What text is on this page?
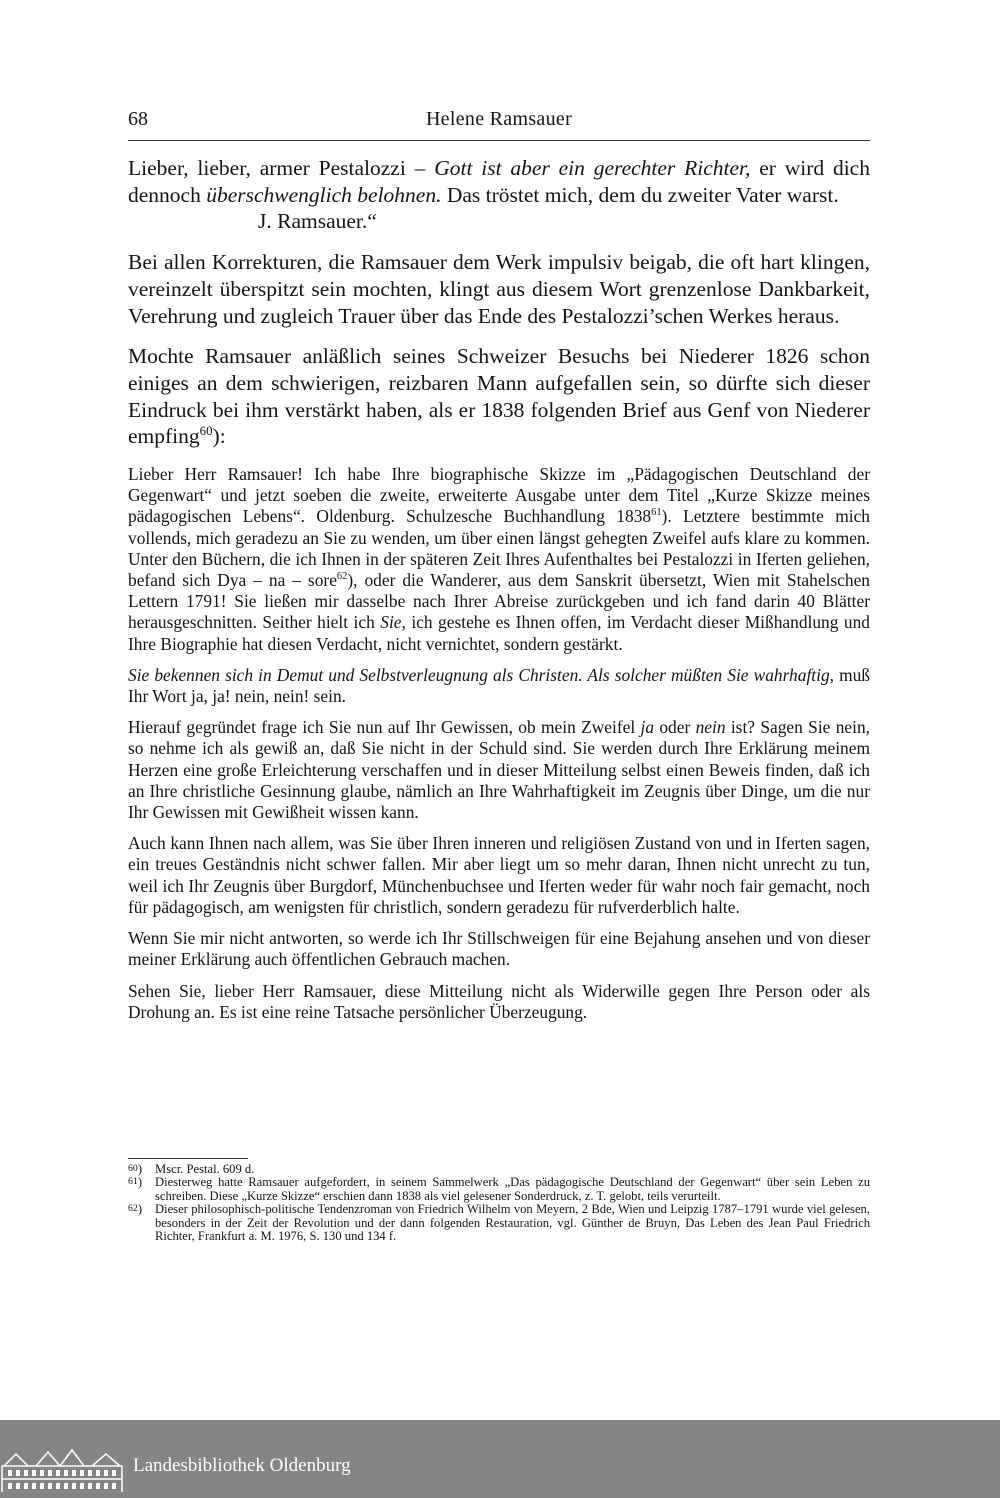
68	Helene Ramsauer

Lieber, lieber, armer Pestalozzi – Gott ist aber ein gerechter Richter, er wird dich dennoch überschwenglich belohnen. Das tröstet mich, dem du zweiter Vater warst.
J. Ramsauer.“

Bei allen Korrekturen, die Ramsauer dem Werk impulsiv beigab, die oft hart klingen, vereinzelt überspitzt sein mochten, klingt aus diesem Wort grenzenlose Dankbarkeit, Verehrung und zugleich Trauer über das Ende des Pestalozzi’schen Werkes heraus.

Mochte Ramsauer anläßlich seines Schweizer Besuchs bei Niederer 1826 schon einiges an dem schwierigen, reizbaren Mann aufgefallen sein, so dürfte sich dieser Eindruck bei ihm verstärkt haben, als er 1838 folgenden Brief aus Genf von Niederer empfing$^{60}$):

Lieber Herr Ramsauer! Ich habe Ihre biographische Skizze im „Pädagogischen Deutschland der Gegenwart“ und jetzt soeben die zweite, erweiterte Ausgabe unter dem Titel „Kurze Skizze meines pädagogischen Lebens“. Oldenburg. Schulzesche Buchhandlung 1838$^{61}$). Letztere bestimmte mich vollends, mich geradezu an Sie zu wenden, um über einen längst gehegten Zweifel aufs klare zu kommen. Unter den Büchern, die ich Ihnen in der späteren Zeit Ihres Aufenthaltes bei Pestalozzi in Iferten geliehen, befand sich Dya – na – sore$^{62}$), oder die Wanderer, aus dem Sanskrit übersetzt, Wien mit Stahelschen Lettern 1791! Sie ließen mir dasselbe nach Ihrer Abreise zurückgeben und ich fand darin 40 Blätter herausgeschnitten. Seither hielt ich Sie, ich gestehe es Ihnen offen, im Verdacht dieser Mißhandlung und Ihre Biographie hat diesen Verdacht, nicht vernichtet, sondern gestärkt.

Sie bekennen sich in Demut und Selbstverleugnung als Christen. Als solcher müßten Sie wahrhaftig, muß Ihr Wort ja, ja! nein, nein! sein.

Hierauf gegründet frage ich Sie nun auf Ihr Gewissen, ob mein Zweifel ja oder nein ist? Sagen Sie nein, so nehme ich als gewiß an, daß Sie nicht in der Schuld sind. Sie werden durch Ihre Erklärung meinem Herzen eine große Erleichterung verschaffen und in dieser Mitteilung selbst einen Beweis finden, daß ich an Ihre christliche Gesinnung glaube, nämlich an Ihre Wahrhaftigkeit im Zeugnis über Dinge, um die nur Ihr Gewissen mit Gewißheit wissen kann.

Auch kann Ihnen nach allem, was Sie über Ihren inneren und religiösen Zustand von und in Iferten sagen, ein treues Geständnis nicht schwer fallen. Mir aber liegt um so mehr daran, Ihnen nicht unrecht zu tun, weil ich Ihr Zeugnis über Burgdorf, Münchenbuchsee und Iferten weder für wahr noch fair gemacht, noch für pädagogisch, am wenigsten für christlich, sondern geradezu für rufverderblich halte.

Wenn Sie mir nicht antworten, so werde ich Ihr Stillschweigen für eine Bejahung ansehen und von dieser meiner Erklärung auch öffentlichen Gebrauch machen.

Sehen Sie, lieber Herr Ramsauer, diese Mitteilung nicht als Widerwille gegen Ihre Person oder als Drohung an. Es ist eine reine Tatsache persönlicher Überzeugung.

$^{60}$) Mscr. Pestal. 609 d.
$^{61}$) Diesterweg hatte Ramsauer aufgefordert, in seinem Sammelwerk „Das pädagogische Deutschland der Gegenwart“ über sein Leben zu schreiben. Diese „Kurze Skizze“ erschien dann 1838 als viel gelesener Sonderdruck, z. T. gelobt, teils verurteilt.
$^{62}$) Dieser philosophisch-politische Tendenzroman von Friedrich Wilhelm von Meyern, 2 Bde, Wien und Leipzig 1787–1791 wurde viel gelesen, besonders in der Zeit der Revolution und der dann folgenden Restauration, vgl. Günther de Bruyn, Das Leben des Jean Paul Friedrich Richter, Frankfurt a. M. 1976, S. 130 und 134 f.
Landesbibliothek Oldenburg
